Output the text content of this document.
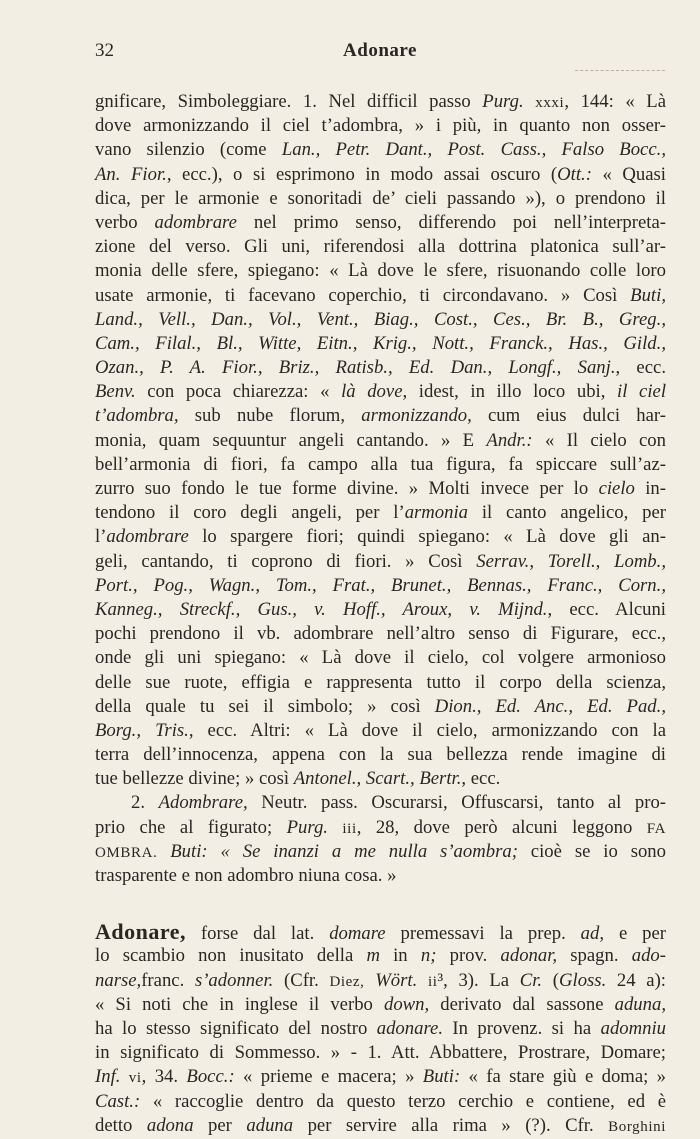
32	Adonare
gnificare, Simboleggiare. 1. Nel difficil passo Purg. xxxi, 144: « Là
dove armonizzando il ciel t’adombra, » i più, in quanto non osser-
vano silenzio (come Lan., Petr. Dant., Post. Cass., Falso Bocc.,
An. Fior., ecc.), o si esprimono in modo assai oscuro (Ott.: « Quasi
dica, per le armonie e sonoritadi de’ cieli passando »), o prendono il
verbo adombrare nel primo senso, differendo poi nell’interpreta-
zione del verso. Gli uni, riferendosi alla dottrina platonica sull’ar-
monia delle sfere, spiegano: « Là dove le sfere, risuonando colle loro
usate armonie, ti facevano coperchio, ti circondavano. » Così Buti,
Land., Vell., Dan., Vol., Vent., Biag., Cost., Ces., Br. B., Greg.,
Cam., Filal., Bl., Witte, Eitn., Krig., Nott., Franck., Has., Gild.,
Ozan., P. A. Fior., Briz., Ratisb., Ed. Dan., Longf., Sanj., ecc.
Benv. con poca chiarezza: « là dove, idest, in illo loco ubi, il ciel
t’adombra, sub nube florum, armonizzando, cum eius dulci har-
monia, quam sequuntur angeli cantando. » E Andr.: « Il cielo con
bell’armonia di fiori, fa campo alla tua figura, fa spiccare sull’az-
zurro suo fondo le tue forme divine. » Molti invece per lo cielo in-
tendono il coro degli angeli, per l’armonia il canto angelico, per
l’adombrare lo spargere fiori; quindi spiegano: « Là dove gli an-
geli, cantando, ti coprono di fiori. » Così Serrav., Torell., Lomb.,
Port., Pog., Wagn., Tom., Frat., Brunet., Bennas., Franc., Corn.,
Kanneg., Streckf., Gus., v. Hoff., Aroux, v. Mijnd., ecc. Alcuni
pochi prendono il vb. adombrare nell’altro senso di Figurare, ecc.,
onde gli uni spiegano: « Là dove il cielo, col volgere armonioso
delle sue ruote, effigia e rappresenta tutto il corpo della scienza,
della quale tu sei il simbolo; » così Dion., Ed. Anc., Ed. Pad.,
Borg., Tris., ecc. Altri: « Là dove il cielo, armonizzando con la
terra dell’innocenza, appena con la sua bellezza rende imagine di
tue bellezze divine; » così Antonel., Scart., Bertr., ecc.
2. Adombrare, Neutr. pass. Oscurarsi, Offuscarsi, tanto al pro-
prio che al figurato; Purg. iii, 28, dove però alcuni leggono FA
OMBRA. Buti: « Se inanzi a me nulla s’aombra; cioè se io sono
trasparente e non adombro niuna cosa. »
Adonare, forse dal lat. domare premessavi la prep. ad, e per
lo scambio non inusitato della m in n; prov. adonar, spagn. ado-
narse,franc. s’adonner. (Cfr. Diez, Wört. ii³, 3). La Cr. (Gloss. 24 a):
« Si noti che in inglese il verbo down, derivato dal sassone aduna,
ha lo stesso significato del nostro adonare. In provenz. si ha adomniu
in significato di Sommesso. » - 1. Att. Abbattere, Prostrare, Domare;
Inf. vi, 34. Bocc.: « prieme e macera; » Buti: « fa stare giù e doma; »
Cast.: « raccoglie dentro da questo terzo cerchio e contiene, ed è
detto adona per aduna per servire alla rima » (?). Cfr. Borghini
